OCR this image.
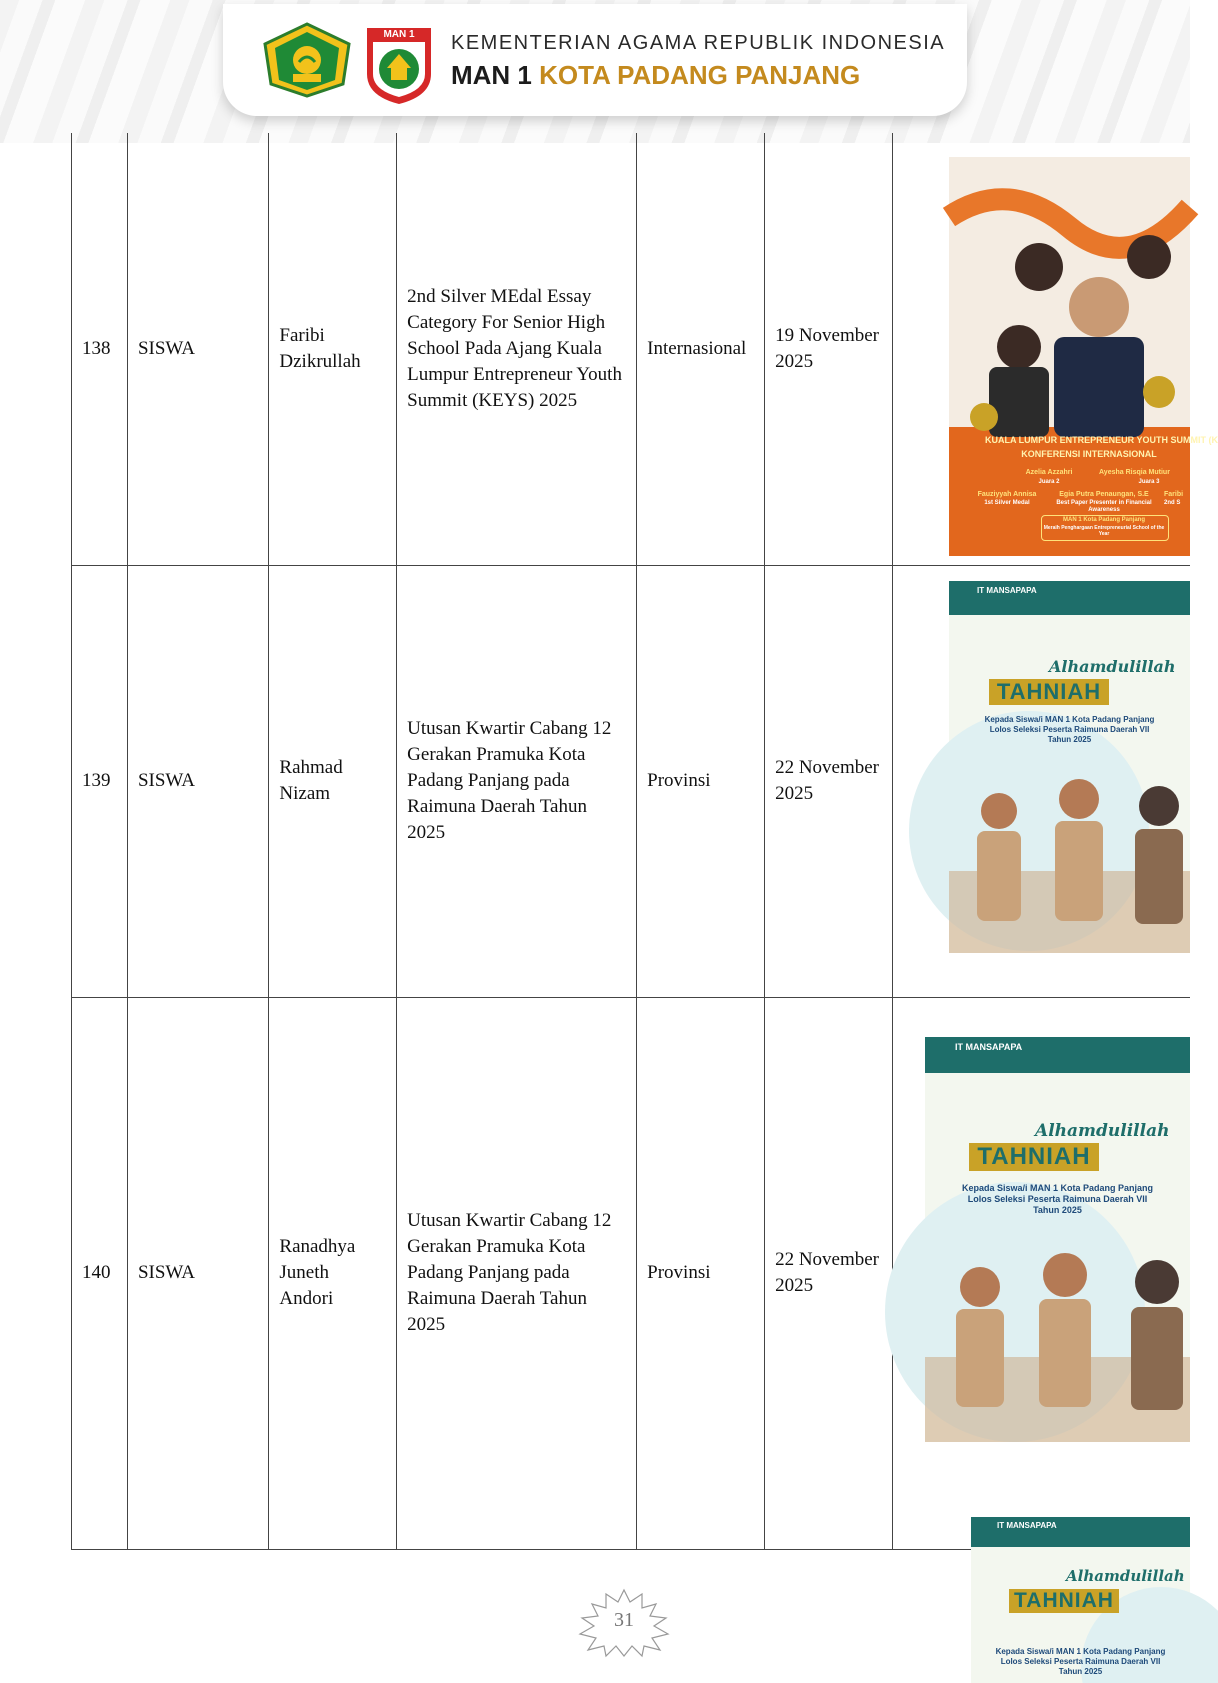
MAN 1 KEMENTERIAN AGAMA REPUBLIK INDONESIA
MAN 1 KOTA PADANG PANJANG
138	SISWA	Faribi Dzikrullah	2nd Silver MEdal Essay Category For Senior High School Pada Ajang Kuala Lumpur Entrepreneur Youth Summit (KEYS) 2025	Internasional	19 November 2025	
139	SISWA	Rahmad Nizam	Utusan Kwartir Cabang 12 Gerakan Pramuka Kota Padang Panjang pada Raimuna Daerah Tahun 2025	Provinsi	22 November 2025	
140	SISWA	Ranadhya Juneth Andori	Utusan Kwartir Cabang 12 Gerakan Pramuka Kota Padang Panjang pada Raimuna Daerah Tahun 2025	Provinsi	22 November 2025	
KUALA LUMPUR ENTREPRENEUR YOUTH SUMMIT (K
KONFERENSI INTERNASIONAL
Azelia Azzahri
Juara 2
Ayesha Risqia Mutiur
Juara 3
Fauziyyah Annisa
1st Silver Medal
Egia Putra Penaungan, S.E
Best Paper Presenter in Financial Awareness
Faribi
2nd S
MAN 1 Kota Padang Panjang
Meraih Penghargaan Entrepreneurial School of the Year
IT MANSAPAPA
Alhamdulillah
TAHNIAH
Kepada Siswa/i MAN 1 Kota Padang Panjang
Lolos Seleksi Peserta Raimuna Daerah VII
Tahun 2025
IT MANSAPAPA
Alhamdulillah
TAHNIAH
Kepada Siswa/i MAN 1 Kota Padang Panjang
Lolos Seleksi Peserta Raimuna Daerah VII
Tahun 2025
IT MANSAPAPA
Alhamdulillah
TAHNIAH
Kepada Siswa/i MAN 1 Kota Padang Panjang
Lolos Seleksi Peserta Raimuna Daerah VII
Tahun 2025
31
